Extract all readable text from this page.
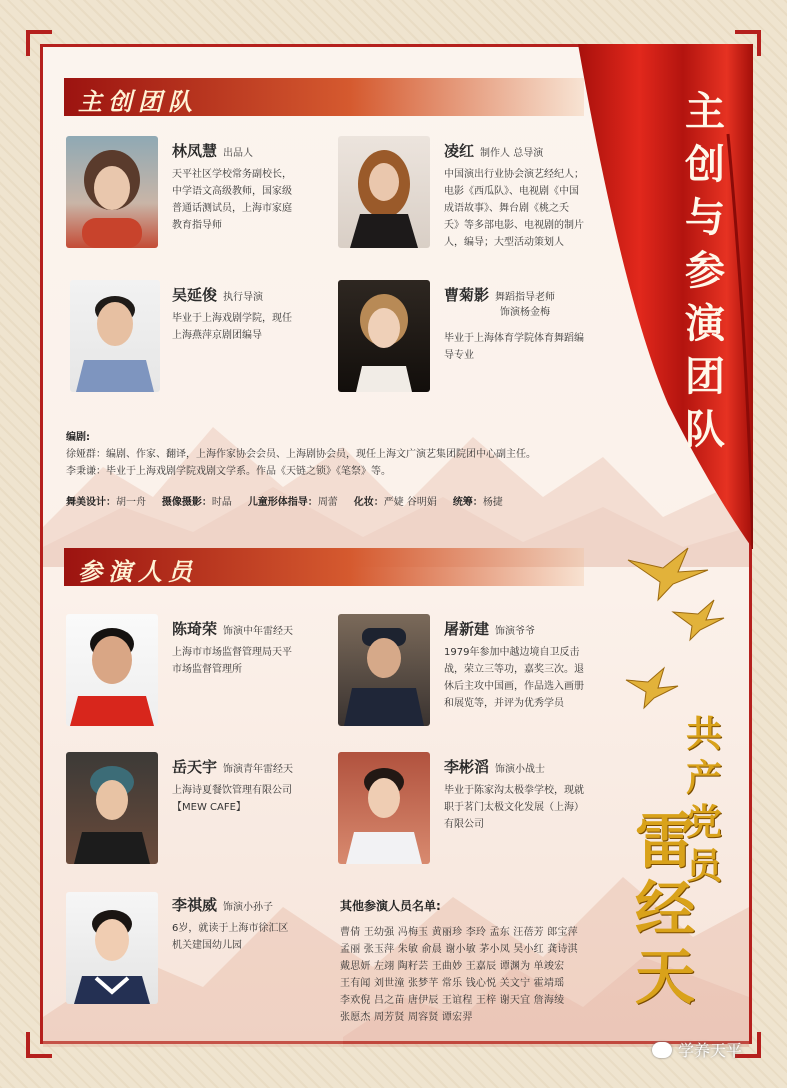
主
创
与
参
演
团
队
主创团队
林凤慧 出品人
天平社区学校常务副校长，
中学语文高级教师，国家级
普通话测试员，上海市家庭
教育指导师
凌红 制作人 总导演
中国演出行业协会演艺经纪人；
电影《西瓜队》、电视剧《中国
成语故事》、舞台剧《桃之夭
夭》等多部电影、电视剧的制片
人，编导；大型活动策划人
吴延俊 执行导演
毕业于上海戏剧学院，现任
上海燕萍京剧团编导
曹菊影 舞蹈指导老师
饰演杨金梅
毕业于上海体育学院体育舞蹈编
导专业
编剧:
徐娅群：编剧、作家、翻译，上海作家协会会员、上海剧协会员，现任上海文广演艺集团院团中心副主任。
李秉谦：毕业于上海戏剧学院戏剧文学系。作品《天链之锁》《笔祭》等。
舞美设计：胡一舟 摄像摄影：时晶 儿童形体指导：周蕾 化妆：严婕 谷明娟 统筹：杨捷
参演人员
共
产
党
员
雷
经
天
陈琦荣 饰演中年雷经天
上海市市场监督管理局天平
市场监督管理所
屠新建 饰演爷爷
1979年参加中越边境自卫反击
战，荣立三等功，嘉奖三次。退
休后主攻中国画，作品选入画册
和展览等，并评为优秀学员
岳天宇 饰演青年雷经天
上海诗夏餐饮管理有限公司
【MEW CAFE】
李彬滔 饰演小战士
毕业于陈家沟太极拳学校，现就
职于茗门太极文化发展（上海）
有限公司
李祺威 饰演小孙子
6岁，就读于上海市徐汇区
机关建国幼儿园
其他参演人员名单:
曹倩 王幼强 冯梅玉 黄丽珍 李玲 孟东 汪蓓芳 郎宝萍
孟丽 张玉萍 朱敏 俞晨 谢小敏 茅小凤 吴小红 龚诗淇
戴思妍 左翊 陶籽芸 王曲妙 王嘉辰 谭渊为 单竣宏
王有闻 刘世潼 张梦芊 常乐 钱心悦 关文宁 霍靖瑶
李欢倪 吕之苗 唐伊辰 王谊程 王梓 谢天宜 詹海绫
张愿杰 周芳贤 周容贤 谭宏羿
学养天平
